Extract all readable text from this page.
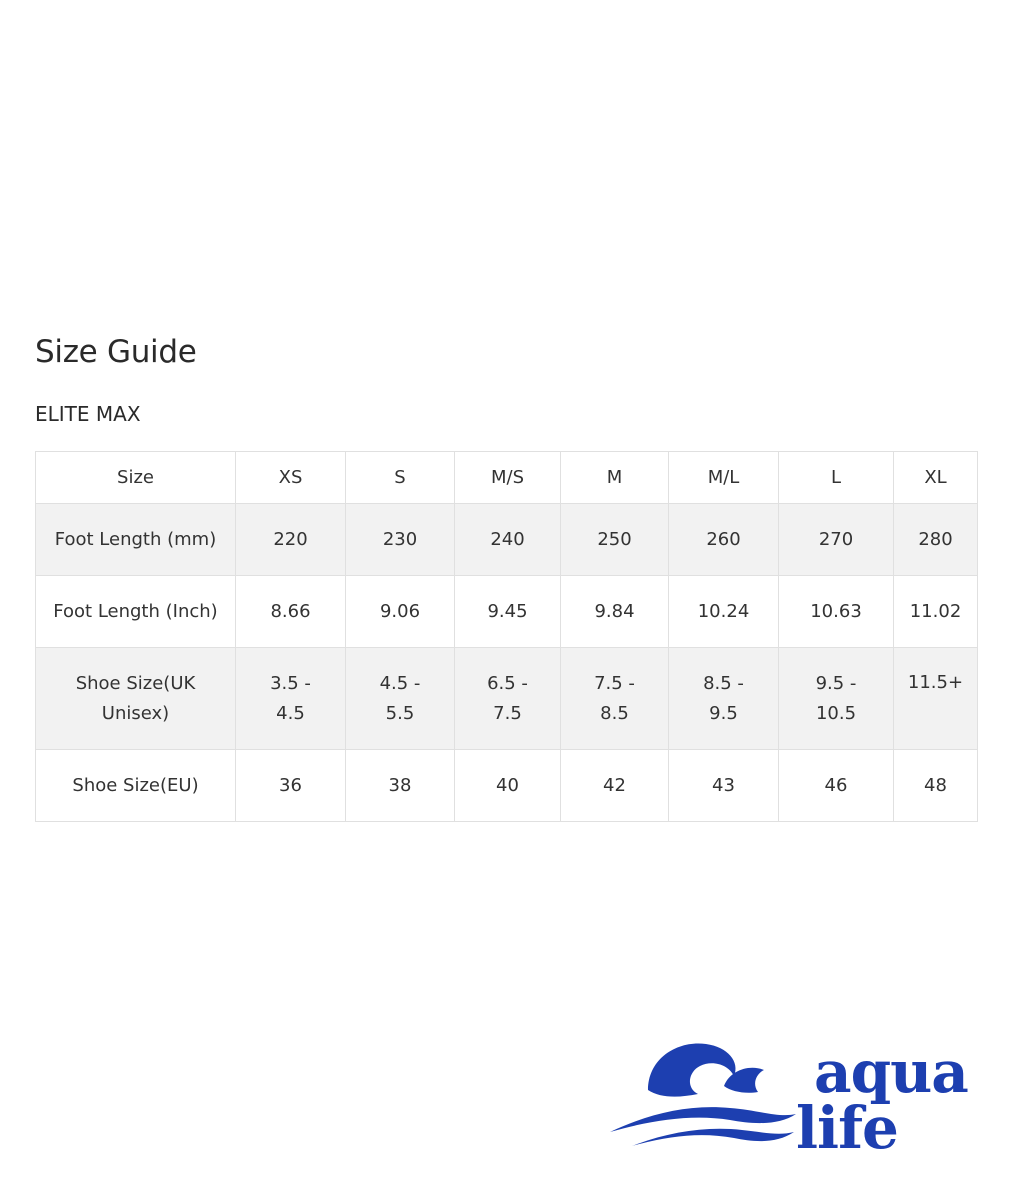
Size Guide
ELITE MAX
Size	XS	S	M/S	M	M/L	L	XL
Foot Length (mm)	220	230	240	250	260	270	280
Foot Length (Inch)	8.66	9.06	9.45	9.84	10.24	10.63	11.02
Shoe Size(UK Unisex)	3.5 - 4.5	4.5 - 5.5	6.5 - 7.5	7.5 - 8.5	8.5 - 9.5	9.5 - 10.5	11.5+
Shoe Size(EU)	36	38	40	42	43	46	48
aqua
life
